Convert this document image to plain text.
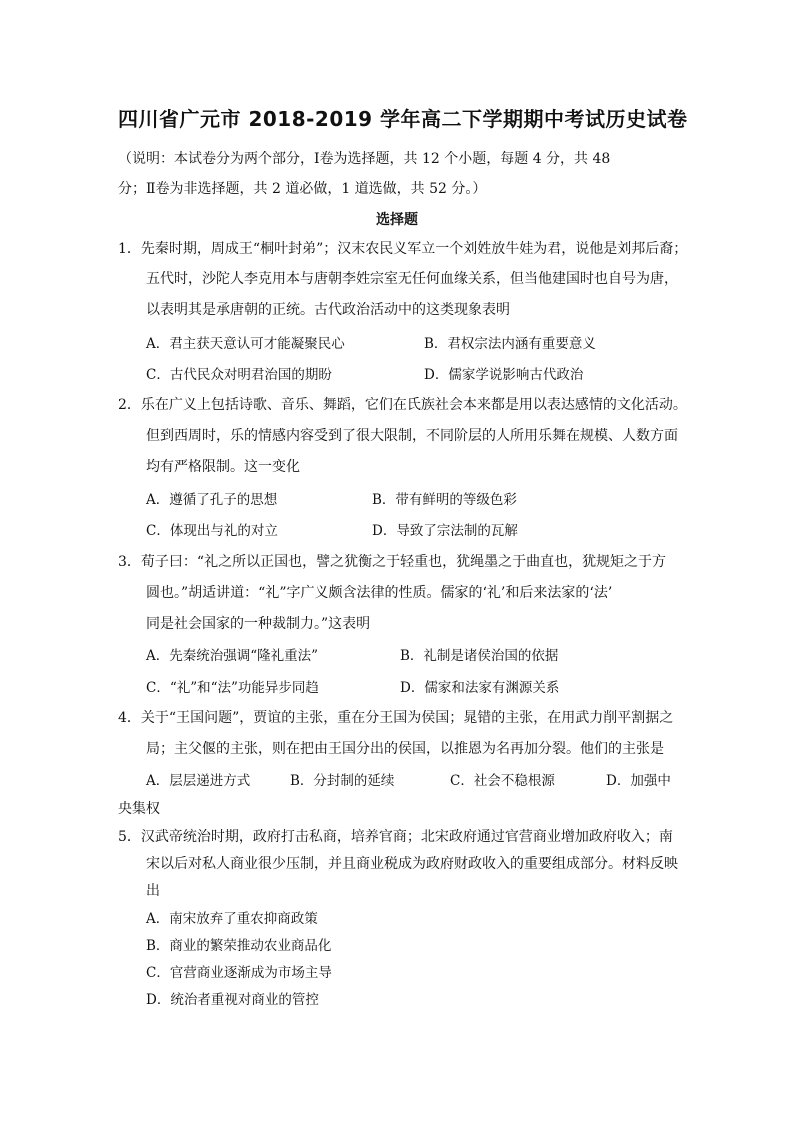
四川省广元市 2018-2019 学年高二下学期期中考试历史试卷
（说明：本试卷分为两个部分，Ⅰ卷为选择题，共 12 个小题，每题 4 分，共 48
分；Ⅱ卷为非选择题，共 2 道必做，1 道选做，共 52 分。）
选择题
1．先秦时期，周成王“桐叶封弟”；汉末农民义军立一个刘姓放牛娃为君，说他是刘邦后裔；
五代时，沙陀人李克用本与唐朝李姓宗室无任何血缘关系，但当他建国时也自号为唐，
以表明其是承唐朝的正统。古代政治活动中的这类现象表明
A．君主获天意认可才能凝聚民心	B．君权宗法内涵有重要意义
C．古代民众对明君治国的期盼	D．儒家学说影响古代政治
2．乐在广义上包括诗歌、音乐、舞蹈，它们在氏族社会本来都是用以表达感情的文化活动。
但到西周时，乐的情感内容受到了很大限制，不同阶层的人所用乐舞在规模、人数方面
均有严格限制。这一变化
A．遵循了孔子的思想	B．带有鲜明的等级色彩
C．体现出与礼的对立	D．导致了宗法制的瓦解
3．荀子曰：“礼之所以正国也，譬之犹衡之于轻重也，犹绳墨之于曲直也，犹规矩之于方
圆也。”胡适讲道：“礼”字广义颇含法律的性质。儒家的‘礼’和后来法家的‘法’
同是社会国家的一种裁制力。”这表明
A．先秦统治强调“隆礼重法”	B．礼制是诸侯治国的依据
C．“礼”和“法”功能异步同趋	D．儒家和法家有渊源关系
4．关于“王国问题”，贾谊的主张，重在分王国为侯国；晁错的主张，在用武力削平割据之
局；主父偃的主张，则在把由王国分出的侯国，以推恩为名再加分裂。他们的主张是
A．层层递进方式	B．分封制的延续	C．社会不稳根源	D．加强中
央集权
5．汉武帝统治时期，政府打击私商，培养官商；北宋政府通过官营商业增加政府收入；南
宋以后对私人商业很少压制，并且商业税成为政府财政收入的重要组成部分。材料反映
出
A．南宋放弃了重农抑商政策
B．商业的繁荣推动农业商品化
C．官营商业逐渐成为市场主导
D．统治者重视对商业的管控
